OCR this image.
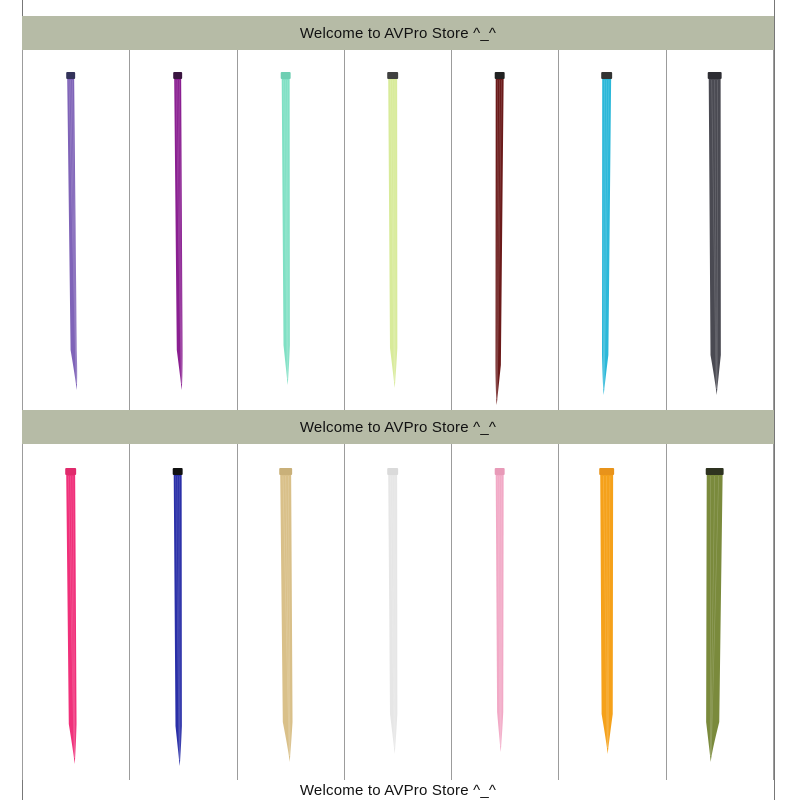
Welcome to AVPro Store ^_^
Welcome to AVPro Store ^_^
Welcome to AVPro Store ^_^
